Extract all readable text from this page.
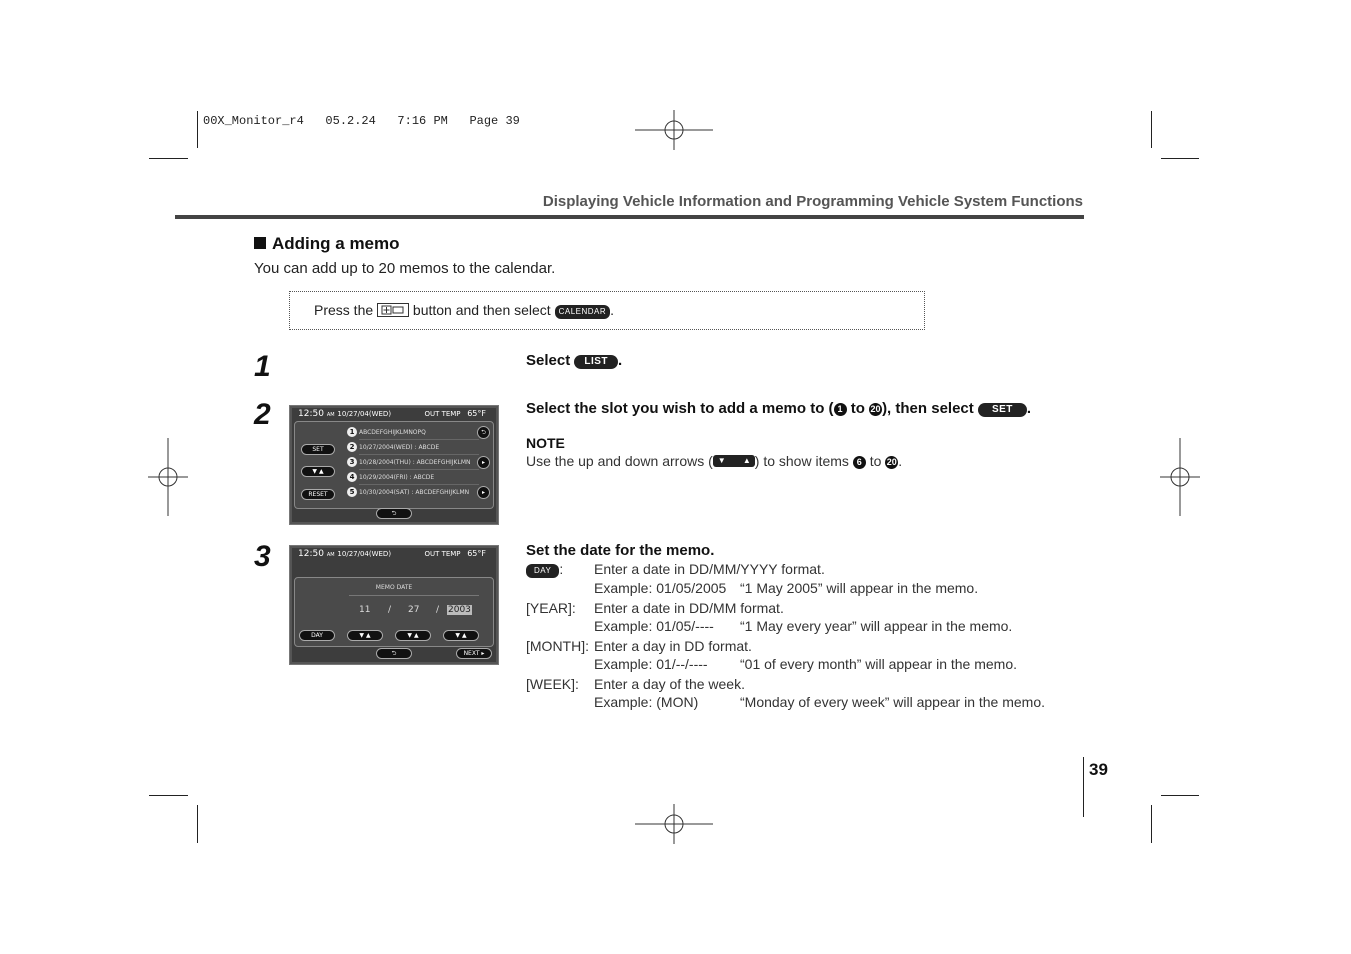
00X_Monitor_r4   05.2.24   7:16 PM   Page 39
Displaying Vehicle Information and Programming Vehicle System Functions
Adding a memo
You can add up to 20 memos to the calendar.
Press the	button and then select CALENDAR .
1
2
3
Select LIST .
Select the slot you wish to add a memo to ( 1 to 20 ), then select SET .
NOTE
Use the up and down arrows ( ▼ ▲ ) to show items 6 to 20 .
Set the date for the memo.
DAY : Enter a date in DD/MM/YYYY format.
Example: 01/05/2005 “1 May 2005” will appear in the memo.
[YEAR]: Enter a date in DD/MM format.
Example: 01/05/---- “1 May every year” will appear in the memo.
[MONTH]: Enter a day in DD format.
Example: 01/--/---- “01 of every month” will appear in the memo.
[WEEK]: Enter a day of the week.
Example: (MON)	“Monday of every week” will appear in the memo.
12:50 AM 10/27/04(WED)	OUT TEMP 65°F
SET
▼ ▲
RESET
1 ABCDEFGHIJKLMNOPQ
2 10/27/2004(WED) : ABCDE
3 10/28/2004(THU) : ABCDEFGHIJKLMN
4 10/29/2004(FRI) : ABCDE
5 10/30/2004(SAT) : ABCDEFGHIJKLMN
⮌
▸
▸
⮌
12:50 AM 10/27/04(WED)	OUT TEMP 65°F
MEMO DATE
11 / 27 / 2003
DAY	▼ ▲	▼ ▲	▼ ▲
⮌	NEXT ▸
39
